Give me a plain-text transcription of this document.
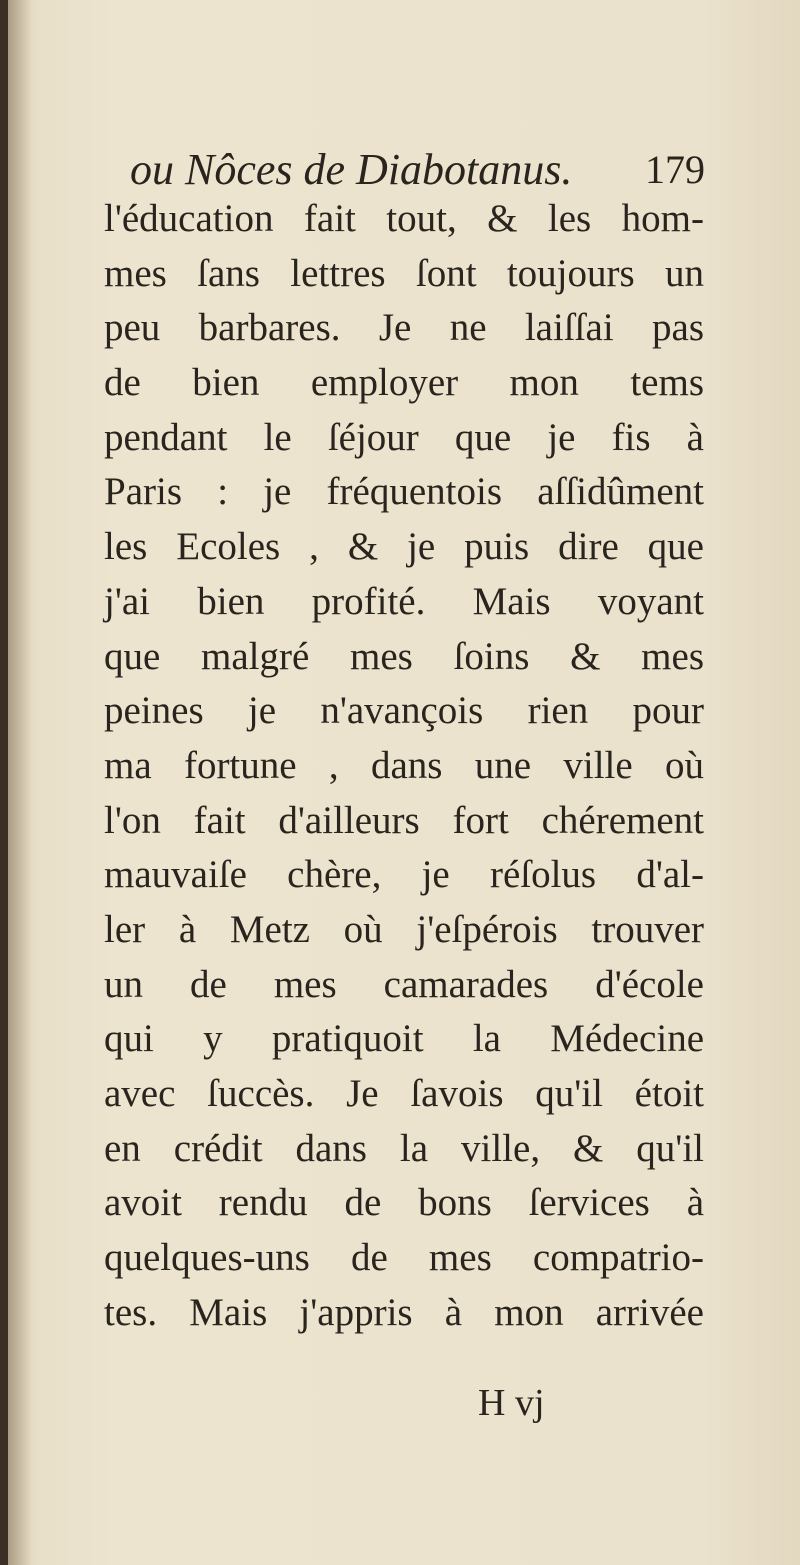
ou Nôces de Diabotanus. 179
l'éducation fait tout, & les hom-
mes ſans lettres ſont toujours un
peu barbares. Je ne laiſſai pas
de bien employer mon tems
pendant le ſéjour que je fis à
Paris : je fréquentois aſſidûment
les Ecoles , & je puis dire que
j'ai bien profité. Mais voyant
que malgré mes ſoins & mes
peines je n'avançois rien pour
ma fortune , dans une ville où
l'on fait d'ailleurs fort chérement
mauvaiſe chère, je réſolus d'al-
ler à Metz où j'eſpérois trouver
un de mes camarades d'école
qui y pratiquoit la Médecine
avec ſuccès. Je ſavois qu'il étoit
en crédit dans la ville, & qu'il
avoit rendu de bons ſervices à
quelques-uns de mes compatrio-
tes. Mais j'appris à mon arrivée
H vj
